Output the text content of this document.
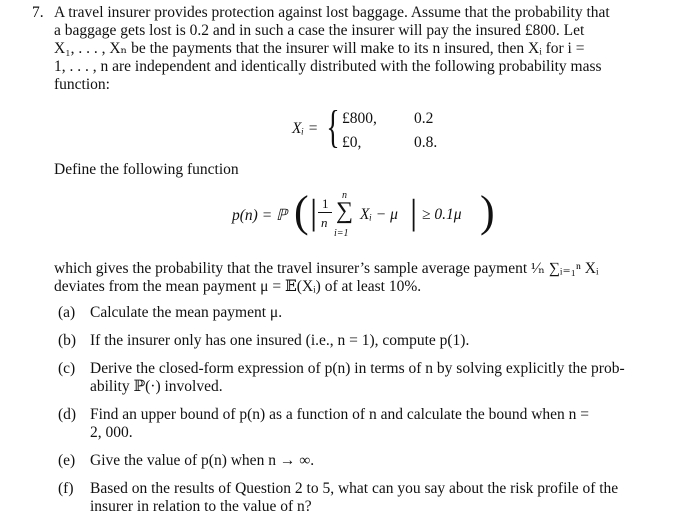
7. A travel insurer provides protection against lost baggage. Assume that the probability that

a baggage gets lost is 0.2 and in such a case the insurer will pay the insured £800. Let

X₁, . . . , Xₙ be the payments that the insurer will make to its n insured, then Xᵢ for i =

1, . . . , n are independent and identically distributed with the following probability mass

function:

Xᵢ = { £800, 0.2
£0,	0.8.
Define the following function
p(n) = ℙ ( | 1
n
n
∑
i=1
Xᵢ − μ | ≥ 0.1μ )
which gives the probability that the travel insurer’s sample average payment ¹⁄ₙ ∑ᵢ₌₁ⁿ Xᵢ
deviates from the mean payment μ = 𝔼(Xᵢ) of at least 10%.
(a) Calculate the mean payment μ.
(b) If the insurer only has one insured (i.e., n = 1), compute p(1).
(c) Derive the closed-form expression of p(n) in terms of n by solving explicitly the prob-
ability ℙ(·) involved.
(d) Find an upper bound of p(n) as a function of n and calculate the bound when n =
2, 000.
(e) Give the value of p(n) when n → ∞.
(f) Based on the results of Question 2 to 5, what can you say about the risk profile of the
insurer in relation to the value of n?
